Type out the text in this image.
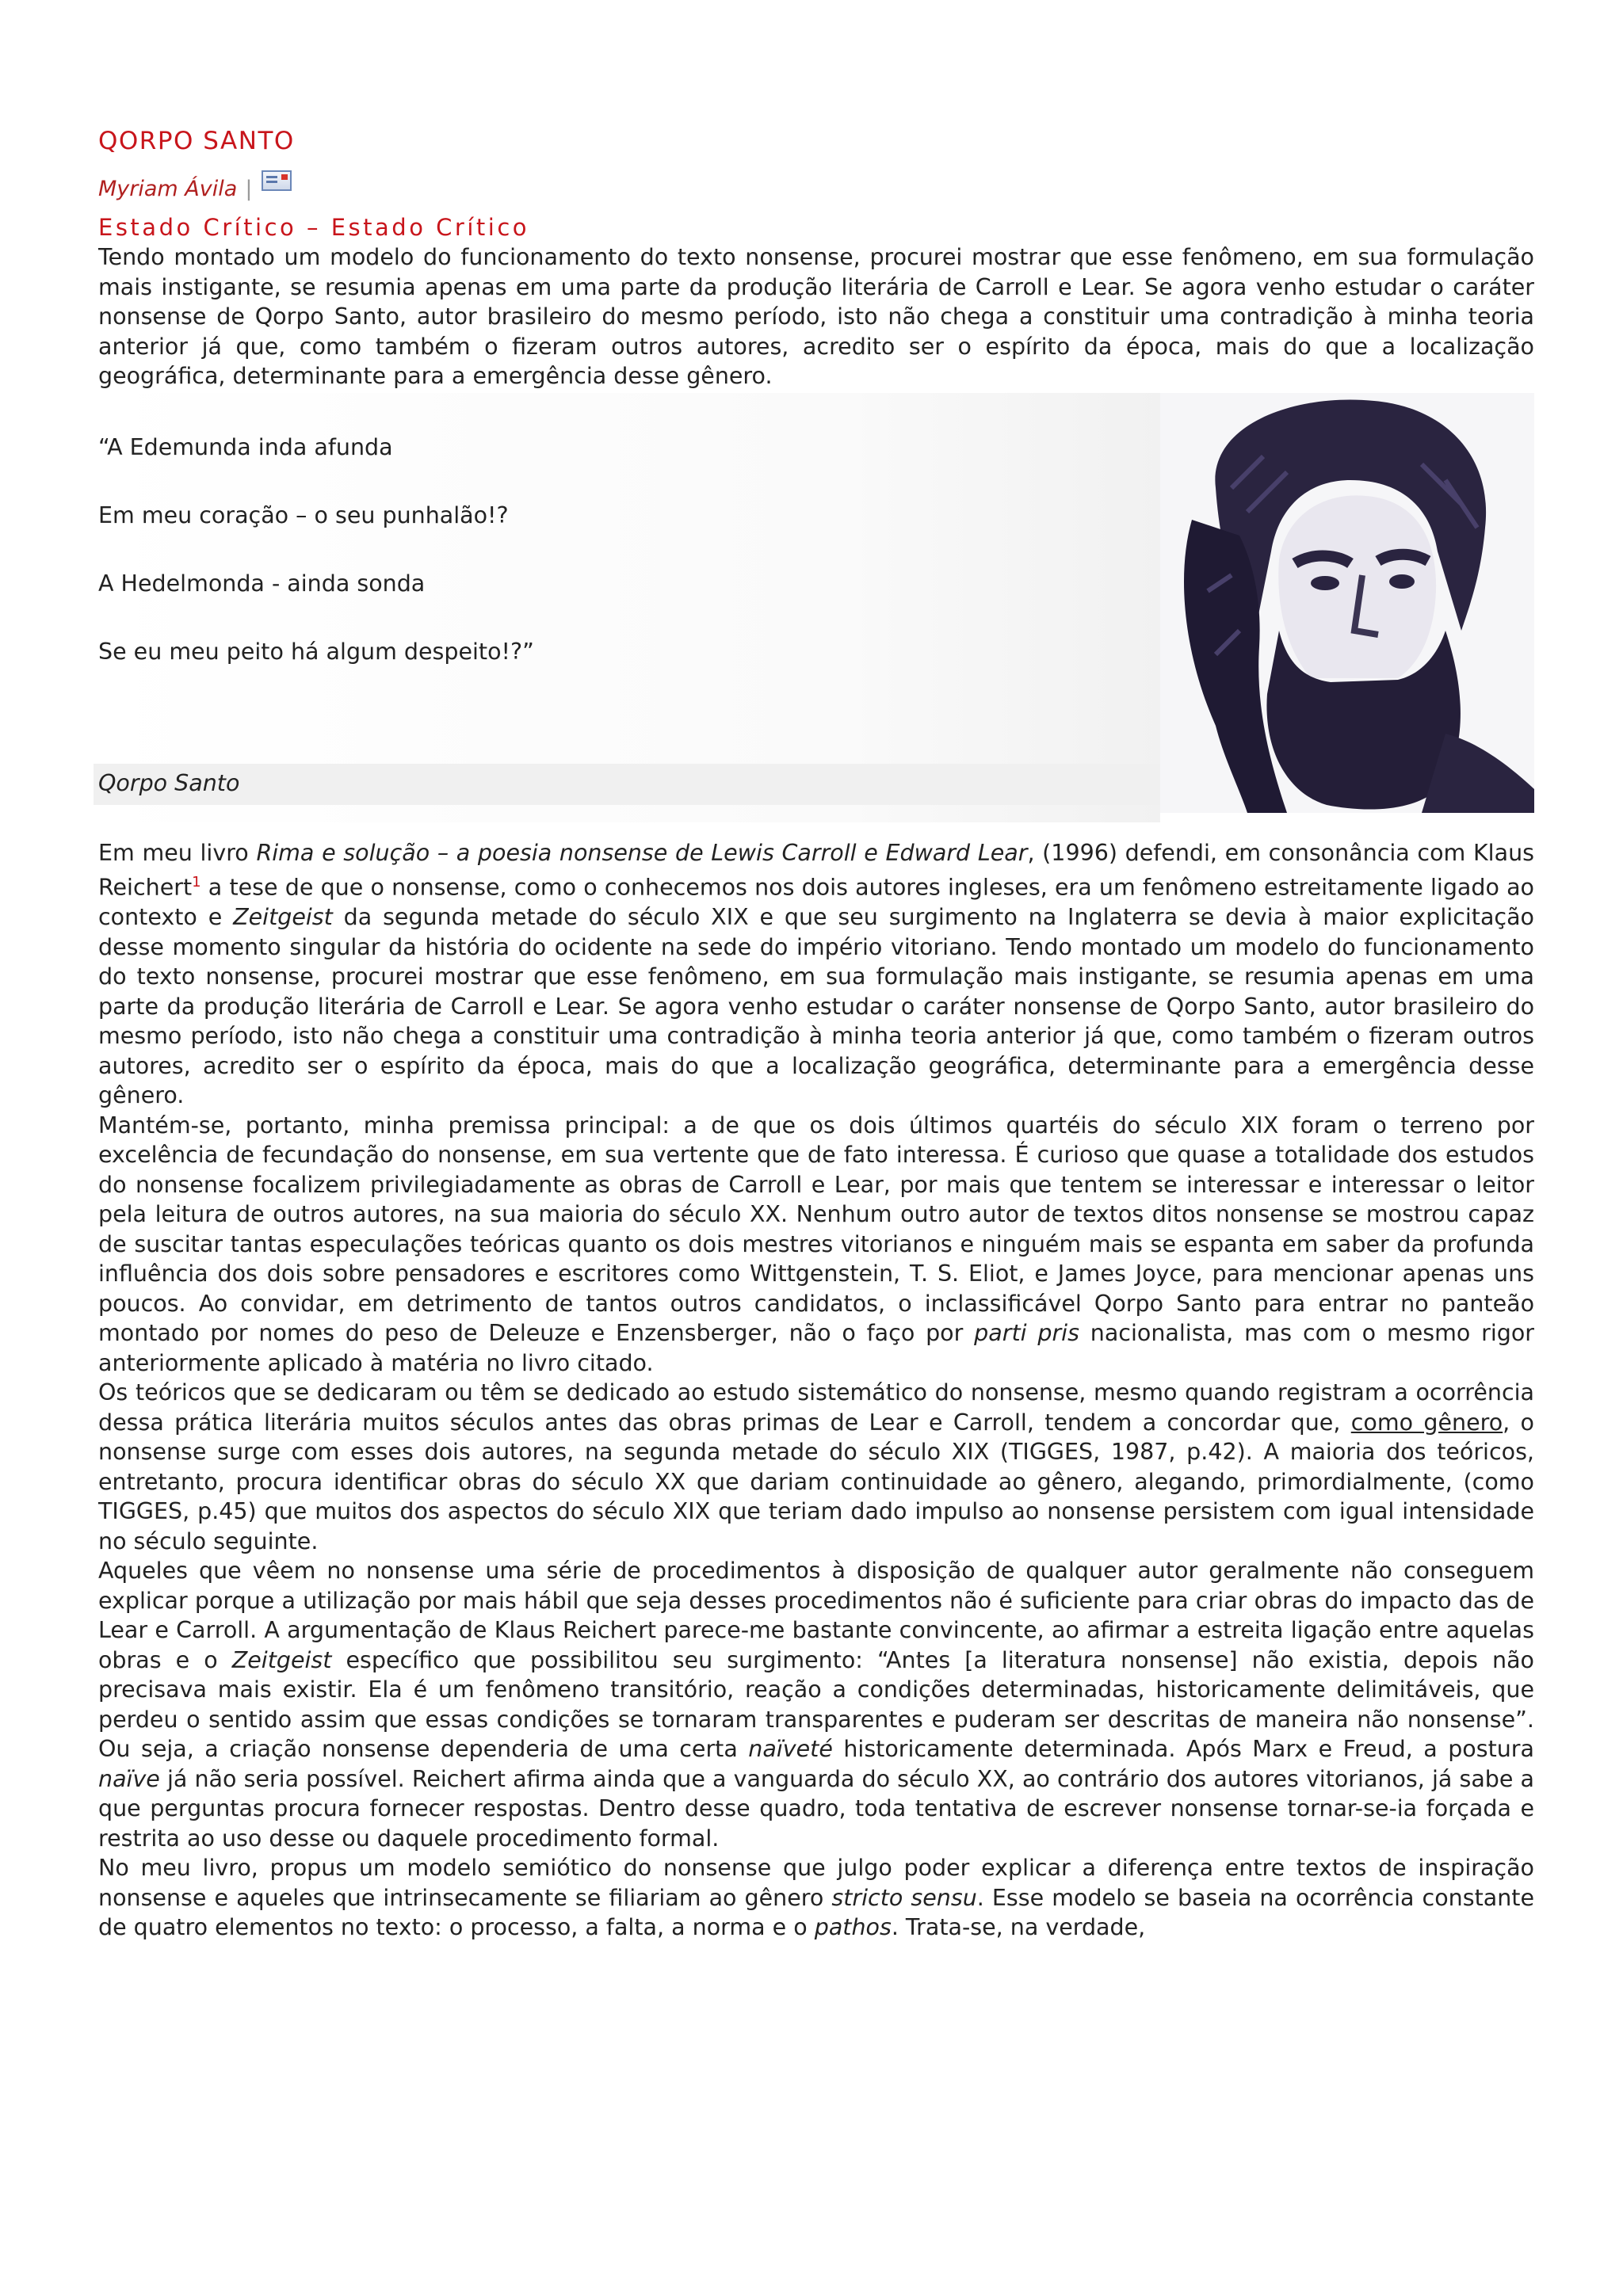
QORPO SANTO
Myriam Ávila |
Estado Crítico – Estado Crítico

Tendo montado um modelo do funcionamento do texto nonsense, procurei mostrar que esse fenômeno, em sua formulação mais instigante, se resumia apenas em uma parte da produção literária de Carroll e Lear. Se agora venho estudar o caráter nonsense de Qorpo Santo, autor brasileiro do mesmo período, isto não chega a constituir uma contradição à minha teoria anterior já que, como também o fizeram outros autores, acredito ser o espírito da época, mais do que a localização geográfica, determinante para a emergência desse gênero.

“A Edemunda inda afunda
Em meu coração – o seu punhalão!?
A Hedelmonda - ainda sonda
Se eu meu peito há algum despeito!?”
Qorpo Santo

Em meu livro Rima e solução – a poesia nonsense de Lewis Carroll e Edward Lear, (1996) defendi, em consonância com Klaus Reichert$^1$ a tese de que o nonsense, como o conhecemos nos dois autores ingleses, era um fenômeno estreitamente ligado ao contexto e Zeitgeist da segunda metade do século XIX e que seu surgimento na Inglaterra se devia à maior explicitação desse momento singular da história do ocidente na sede do império vitoriano. Tendo montado um modelo do funcionamento do texto nonsense, procurei mostrar que esse fenômeno, em sua formulação mais instigante, se resumia apenas em uma parte da produção literária de Carroll e Lear. Se agora venho estudar o caráter nonsense de Qorpo Santo, autor brasileiro do mesmo período, isto não chega a constituir uma contradição à minha teoria anterior já que, como também o fizeram outros autores, acredito ser o espírito da época, mais do que a localização geográfica, determinante para a emergência desse gênero.

Mantém-se, portanto, minha premissa principal: a de que os dois últimos quartéis do século XIX foram o terreno por excelência de fecundação do nonsense, em sua vertente que de fato interessa. É curioso que quase a totalidade dos estudos do nonsense focalizem privilegiadamente as obras de Carroll e Lear, por mais que tentem se interessar e interessar o leitor pela leitura de outros autores, na sua maioria do século XX. Nenhum outro autor de textos ditos nonsense se mostrou capaz de suscitar tantas especulações teóricas quanto os dois mestres vitorianos e ninguém mais se espanta em saber da profunda influência dos dois sobre pensadores e escritores como Wittgenstein, T. S. Eliot, e James Joyce, para mencionar apenas uns poucos. Ao convidar, em detrimento de tantos outros candidatos, o inclassificável Qorpo Santo para entrar no panteão montado por nomes do peso de Deleuze e Enzensberger, não o faço por parti pris nacionalista, mas com o mesmo rigor anteriormente aplicado à matéria no livro citado.

Os teóricos que se dedicaram ou têm se dedicado ao estudo sistemático do nonsense, mesmo quando registram a ocorrência dessa prática literária muitos séculos antes das obras primas de Lear e Carroll, tendem a concordar que, como gênero, o nonsense surge com esses dois autores, na segunda metade do século XIX (TIGGES, 1987, p.42). A maioria dos teóricos, entretanto, procura identificar obras do século XX que dariam continuidade ao gênero, alegando, primordialmente, (como TIGGES, p.45) que muitos dos aspectos do século XIX que teriam dado impulso ao nonsense persistem com igual intensidade no século seguinte.

Aqueles que vêem no nonsense uma série de procedimentos à disposição de qualquer autor geralmente não conseguem explicar porque a utilização por mais hábil que seja desses procedimentos não é suficiente para criar obras do impacto das de Lear e Carroll. A argumentação de Klaus Reichert parece-me bastante convincente, ao afirmar a estreita ligação entre aquelas obras e o Zeitgeist específico que possibilitou seu surgimento: “Antes [a literatura nonsense] não existia, depois não precisava mais existir. Ela é um fenômeno transitório, reação a condições determinadas, historicamente delimitáveis, que perdeu o sentido assim que essas condições se tornaram transparentes e puderam ser descritas de maneira não nonsense”. Ou seja, a criação nonsense dependeria de uma certa naïveté historicamente determinada. Após Marx e Freud, a postura naïve já não seria possível. Reichert afirma ainda que a vanguarda do século XX, ao contrário dos autores vitorianos, já sabe a que perguntas procura fornecer respostas. Dentro desse quadro, toda tentativa de escrever nonsense tornar-se-ia forçada e restrita ao uso desse ou daquele procedimento formal.

No meu livro, propus um modelo semiótico do nonsense que julgo poder explicar a diferença entre textos de inspiração nonsense e aqueles que intrinsecamente se filiariam ao gênero stricto sensu. Esse modelo se baseia na ocorrência constante de quatro elementos no texto: o processo, a falta, a norma e o pathos. Trata-se, na verdade,
